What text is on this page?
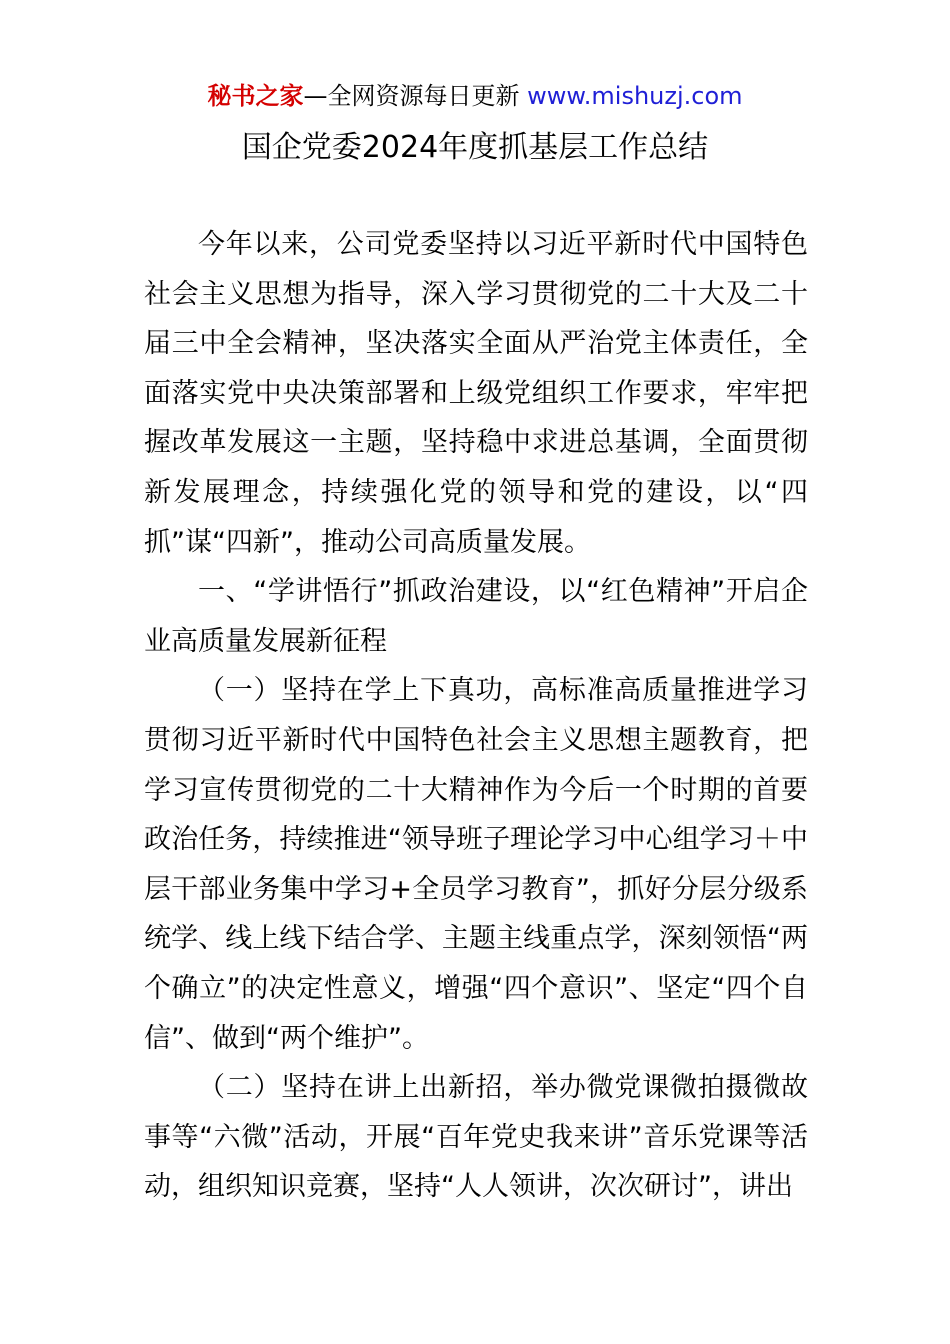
秘书之家—全网资源每日更新 www.mishuzj.com
国企党委2024年度抓基层工作总结

今年以来，公司党委坚持以习近平新时代中国特色社会主义思想为指导，深入学习贯彻党的二十大及二十届三中全会精神，坚决落实全面从严治党主体责任，全面落实党中央决策部署和上级党组织工作要求，牢牢把握改革发展这一主题，坚持稳中求进总基调，全面贯彻新发展理念，持续强化党的领导和党的建设，以“四抓”谋“四新”，推动公司高质量发展。

一、“学讲悟行”抓政治建设，以“红色精神”开启企业高质量发展新征程

（一）坚持在学上下真功，高标准高质量推进学习贯彻习近平新时代中国特色社会主义思想主题教育，把学习宣传贯彻党的二十大精神作为今后一个时期的首要政治任务，持续推进“领导班子理论学习中心组学习＋中层干部业务集中学习+全员学习教育”，抓好分层分级系统学、线上线下结合学、主题主线重点学，深刻领悟“两个确立”的决定性意义，增强“四个意识”、坚定“四个自信”、做到“两个维护”。

（二）坚持在讲上出新招，举办微党课微拍摄微故事等“六微”活动，开展“百年党史我来讲”音乐党课等活动，组织知识竞赛，坚持“人人领讲，次次研讨”，讲出
